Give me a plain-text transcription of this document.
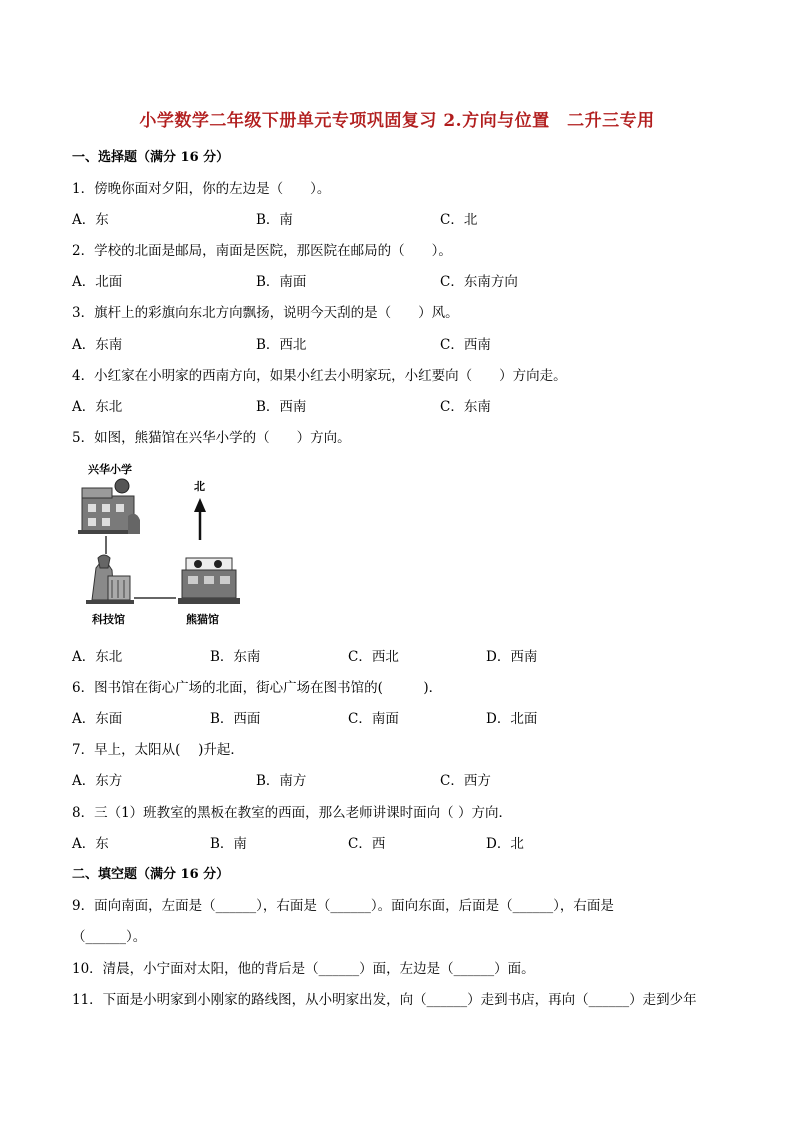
小学数学二年级下册单元专项巩固复习 2.方向与位置　二升三专用
一、选择题（满分 16 分）
1．傍晚你面对夕阳，你的左边是（　　）。
A．东	B．南	C．北
2．学校的北面是邮局，南面是医院，那医院在邮局的（　　）。
A．北面	B．南面	C．东南方向
3．旗杆上的彩旗向东北方向飘扬，说明今天刮的是（　　）风。
A．东南	B．西北	C．西南
4．小红家在小明家的西南方向，如果小红去小明家玩，小红要向（　　）方向走。
A．东北	B．西南	C．东南
5．如图，熊猫馆在兴华小学的（　　）方向。
兴华小学
北
科技馆	熊猫馆
A．东北	B．东南	C．西北	D．西南
6．图书馆在街心广场的北面，街心广场在图书馆的(　　　)．
A．东面	B．西面	C．南面	D．北面
7．早上，太阳从(　 )升起．
A．东方	B．南方	C．西方
8．三（1）班教室的黑板在教室的西面，那么老师讲课时面向（ ）方向．
A．东	B．南	C．西	D．北
二、填空题（满分 16 分）
9．面向南面，左面是（______），右面是（______）。面向东面，后面是（______），右面是
（______）。
10．清晨，小宁面对太阳，他的背后是（______）面，左边是（______）面。
11．下面是小明家到小刚家的路线图，从小明家出发，向（______）走到书店，再向（______）走到少年
